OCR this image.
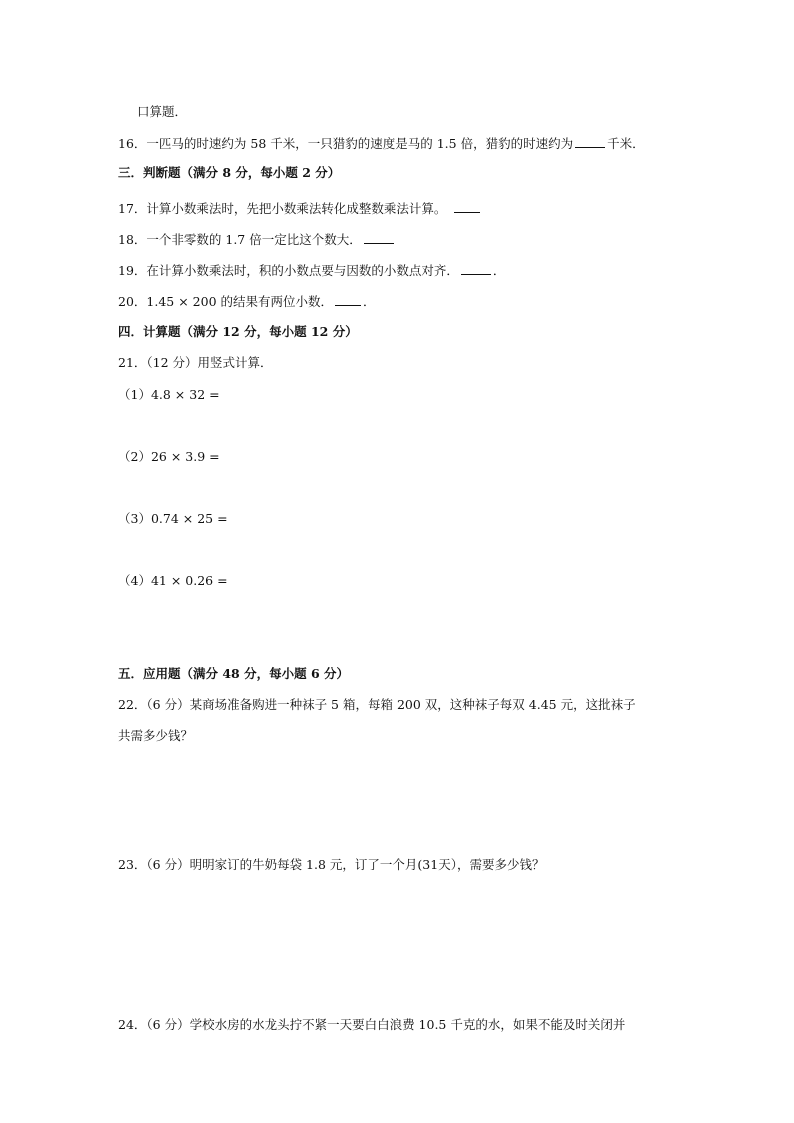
口算题．
16．一匹马的时速约为 58 千米，一只猎豹的速度是马的 1.5 倍，猎豹的时速约为	千米．
三．判断题（满分 8 分，每小题 2 分）
17．计算小数乘法时，先把小数乘法转化成整数乘法计算。
18．一个非零数的 1.7 倍一定比这个数大．
19．在计算小数乘法时，积的小数点要与因数的小数点对齐．	．
20．1.45 × 200 的结果有两位小数． ．
四．计算题（满分 12 分，每小题 12 分）
21．（12 分）用竖式计算．
（1）4.8 × 32 =
（2）26 × 3.9 =
（3）0.74 × 25 =
（4）41 × 0.26 =
五．应用题（满分 48 分，每小题 6 分）
22．（6 分）某商场准备购进一种袜子 5 箱，每箱 200 双，这种袜子每双 4.45 元，这批袜子
共需多少钱？
23．（6 分）明明家订的牛奶每袋 1.8 元，订了一个月(31天），需要多少钱？
24．（6 分）学校水房的水龙头拧不紧一天要白白浪费 10.5 千克的水，如果不能及时关闭并
